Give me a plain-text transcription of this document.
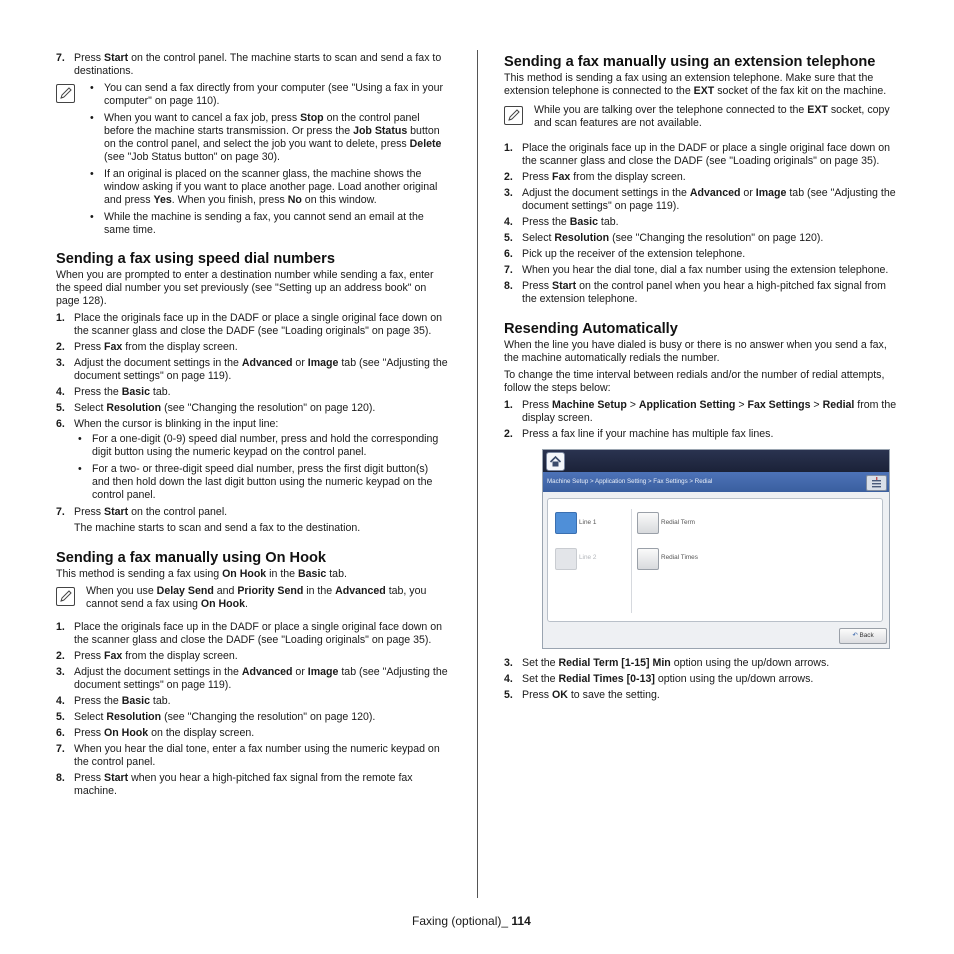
7. Press Start on the control panel. The machine starts to scan and send a fax to destinations.
• You can send a fax directly from your computer (see "Using a fax in your computer" on page 110).
• When you want to cancel a fax job, press Stop on the control panel before the machine starts transmission. Or press the Job Status button on the control panel, and select the job you want to delete, press Delete (see "Job Status button" on page 30).
• If an original is placed on the scanner glass, the machine shows the window asking if you want to place another page. Load another original and press Yes. When you finish, press No on this window.
• While the machine is sending a fax, you cannot send an email at the same time.
Sending a fax using speed dial numbers

When you are prompted to enter a destination number while sending a fax, enter the speed dial number you set previously (see "Setting up an address book" on page 128).

1. Place the originals face up in the DADF or place a single original face down on the scanner glass and close the DADF (see "Loading originals" on page 35).
2. Press Fax from the display screen.
3. Adjust the document settings in the Advanced or Image tab (see "Adjusting the document settings" on page 119).
4. Press the Basic tab.
5. Select Resolution (see "Changing the resolution" on page 120).
6. When the cursor is blinking in the input line:
• For a one-digit (0-9) speed dial number, press and hold the corresponding digit button using the numeric keypad on the control panel.
• For a two- or three-digit speed dial number, press the first digit button(s) and then hold down the last digit button using the numeric keypad on the control panel.
7. Press Start on the control panel.

The machine starts to scan and send a fax to the destination.

Sending a fax manually using On Hook

This method is sending a fax using On Hook in the Basic tab.

When you use Delay Send and Priority Send in the Advanced tab, you cannot send a fax using On Hook.
1. Place the originals face up in the DADF or place a single original face down on the scanner glass and close the DADF (see "Loading originals" on page 35).
2. Press Fax from the display screen.
3. Adjust the document settings in the Advanced or Image tab (see "Adjusting the document settings" on page 119).
4. Press the Basic tab.
5. Select Resolution (see "Changing the resolution" on page 120).
6. Press On Hook on the display screen.
7. When you hear the dial tone, enter a fax number using the numeric keypad on the control panel.
8. Press Start when you hear a high-pitched fax signal from the remote fax machine.
Sending a fax manually using an extension telephone

This method is sending a fax using an extension telephone. Make sure that the extension telephone is connected to the EXT socket of the fax kit on the machine.

While you are talking over the telephone connected to the EXT socket, copy and scan features are not available.
1. Place the originals face up in the DADF or place a single original face down on the scanner glass and close the DADF (see "Loading originals" on page 35).
2. Press Fax from the display screen.
3. Adjust the document settings in the Advanced or Image tab (see "Adjusting the document settings" on page 119).
4. Press the Basic tab.
5. Select Resolution (see "Changing the resolution" on page 120).
6. Pick up the receiver of the extension telephone.
7. When you hear the dial tone, dial a fax number using the extension telephone.
8. Press Start on the control panel when you hear a high-pitched fax signal from the extension telephone.
Resending Automatically

When the line you have dialed is busy or there is no answer when you send a fax, the machine automatically redials the number.

To change the time interval between redials and/or the number of redial attempts, follow the steps below:

1. Press Machine Setup > Application Setting > Fax Settings > Redial from the display screen.
2. Press a fax line if your machine has multiple fax lines.
Machine Setup > Application Setting > Fax Settings > Redial
Line 1
Line 2
Redial Term
Redial Times
↶ Back
3. Set the Redial Term [1-15] Min option using the up/down arrows.
4. Set the Redial Times [0-13] option using the up/down arrows.
5. Press OK to save the setting.
Faxing (optional)_ 114
